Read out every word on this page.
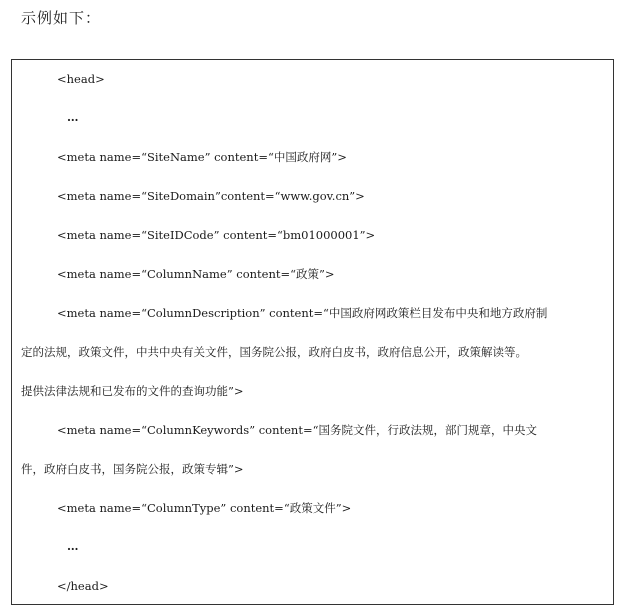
示例如下：
<head>
…
<meta name=“SiteName” content=“中国政府网”>
<meta name=“SiteDomain”content=“www.gov.cn”>
<meta name=“SiteIDCode” content=“bm01000001”>
<meta name=“ColumnName” content=“政策”>
<meta name=“ColumnDescription” content=“中国政府网政策栏目发布中央和地方政府制
定的法规，政策文件，中共中央有关文件，国务院公报，政府白皮书，政府信息公开，政策解读等。
提供法律法规和已发布的文件的查询功能”>
<meta name=“ColumnKeywords” content=“国务院文件，行政法规，部门规章，中央文
件，政府白皮书，国务院公报，政策专辑”>
<meta name=“ColumnType” content=“政策文件”>
…
</head>
